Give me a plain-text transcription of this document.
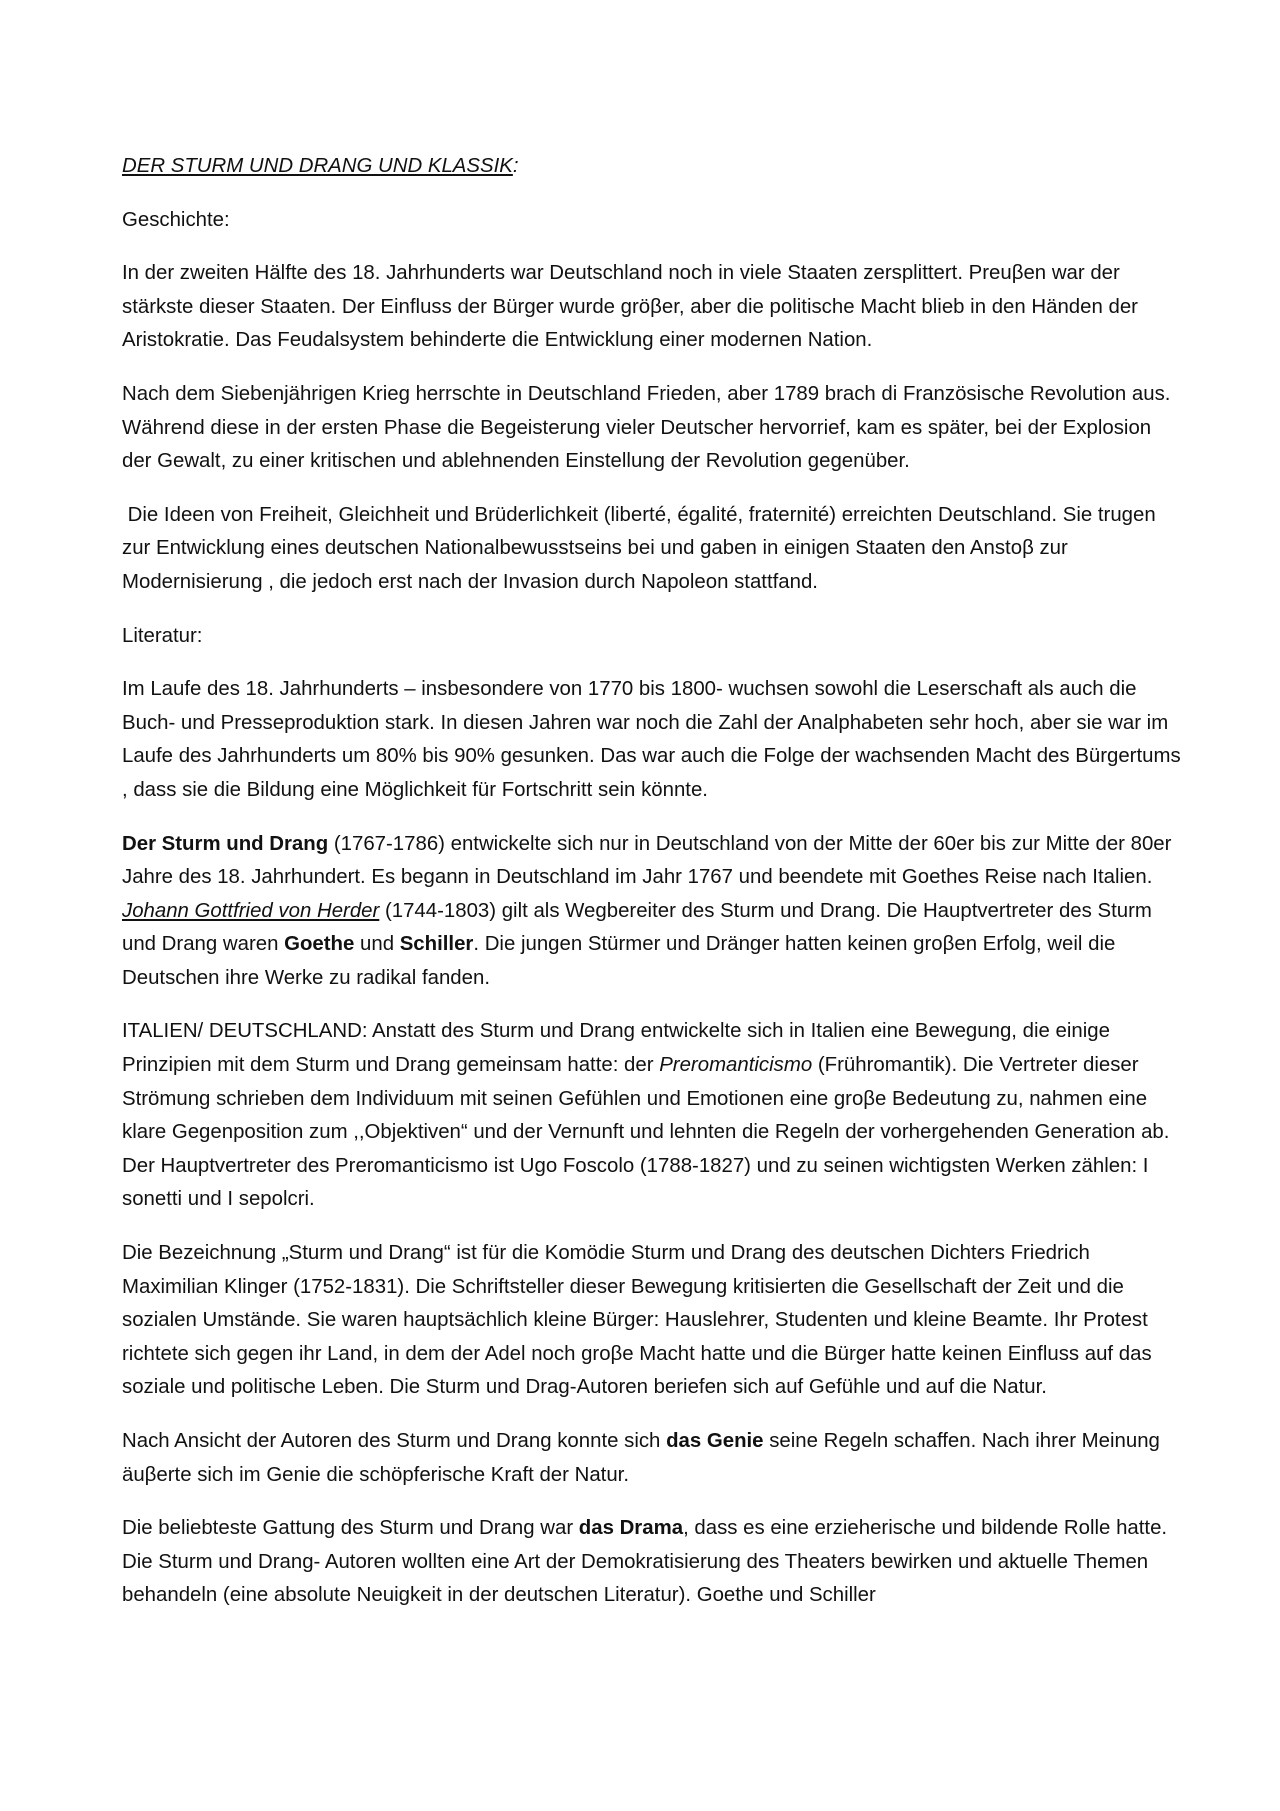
DER STURM UND DRANG UND KLASSIK:

Geschichte:

In der zweiten Hälfte des 18. Jahrhunderts war Deutschland noch in viele Staaten zersplittert. Preuβen war der stärkste dieser Staaten. Der Einfluss der Bürger wurde gröβer, aber die politische Macht blieb in den Händen der Aristokratie. Das Feudalsystem behinderte die Entwicklung einer modernen Nation.

Nach dem Siebenjährigen Krieg herrschte in Deutschland Frieden, aber 1789 brach di Französische Revolution aus. Während diese in der ersten Phase die Begeisterung vieler Deutscher hervorrief, kam es später, bei der Explosion der Gewalt, zu einer kritischen und ablehnenden Einstellung der Revolution gegenüber.

Die Ideen von Freiheit, Gleichheit und Brüderlichkeit (liberté, égalité, fraternité) erreichten Deutschland. Sie trugen zur Entwicklung eines deutschen Nationalbewusstseins bei und gaben in einigen Staaten den Anstoβ zur Modernisierung , die jedoch erst nach der Invasion durch Napoleon stattfand.

Literatur:

Im Laufe des 18. Jahrhunderts – insbesondere von 1770 bis 1800- wuchsen sowohl die Leserschaft als auch die Buch- und Presseproduktion stark. In diesen Jahren war noch die Zahl der Analphabeten sehr hoch, aber sie war im Laufe des Jahrhunderts um 80% bis 90% gesunken. Das war auch die Folge der wachsenden Macht des Bürgertums , dass sie die Bildung eine Möglichkeit für Fortschritt sein könnte.

Der Sturm und Drang (1767-1786) entwickelte sich nur in Deutschland von der Mitte der 60er bis zur Mitte der 80er Jahre des 18. Jahrhundert. Es begann in Deutschland im Jahr 1767 und beendete mit Goethes Reise nach Italien. Johann Gottfried von Herder (1744-1803) gilt als Wegbereiter des Sturm und Drang. Die Hauptvertreter des Sturm und Drang waren Goethe und Schiller. Die jungen Stürmer und Dränger hatten keinen groβen Erfolg, weil die Deutschen ihre Werke zu radikal fanden.

ITALIEN/ DEUTSCHLAND: Anstatt des Sturm und Drang entwickelte sich in Italien eine Bewegung, die einige Prinzipien mit dem Sturm und Drang gemeinsam hatte: der Preromanticismo (Frühromantik). Die Vertreter dieser Strömung schrieben dem Individuum mit seinen Gefühlen und Emotionen eine groβe Bedeutung zu, nahmen eine klare Gegenposition zum ,,Objektiven“ und der Vernunft und lehnten die Regeln der vorhergehenden Generation ab. Der Hauptvertreter des Preromanticismo ist Ugo Foscolo (1788-1827) und zu seinen wichtigsten Werken zählen: I sonetti und I sepolcri.

Die Bezeichnung „Sturm und Drang“ ist für die Komödie Sturm und Drang des deutschen Dichters Friedrich Maximilian Klinger (1752-1831). Die Schriftsteller dieser Bewegung kritisierten die Gesellschaft der Zeit und die sozialen Umstände. Sie waren hauptsächlich kleine Bürger: Hauslehrer, Studenten und kleine Beamte. Ihr Protest richtete sich gegen ihr Land, in dem der Adel noch groβe Macht hatte und die Bürger hatte keinen Einfluss auf das soziale und politische Leben. Die Sturm und Drag-Autoren beriefen sich auf Gefühle und auf die Natur.

Nach Ansicht der Autoren des Sturm und Drang konnte sich das Genie seine Regeln schaffen. Nach ihrer Meinung äuβerte sich im Genie die schöpferische Kraft der Natur.

Die beliebteste Gattung des Sturm und Drang war das Drama, dass es eine erzieherische und bildende Rolle hatte. Die Sturm und Drang- Autoren wollten eine Art der Demokratisierung des Theaters bewirken und aktuelle Themen behandeln (eine absolute Neuigkeit in der deutschen Literatur). Goethe und Schiller
